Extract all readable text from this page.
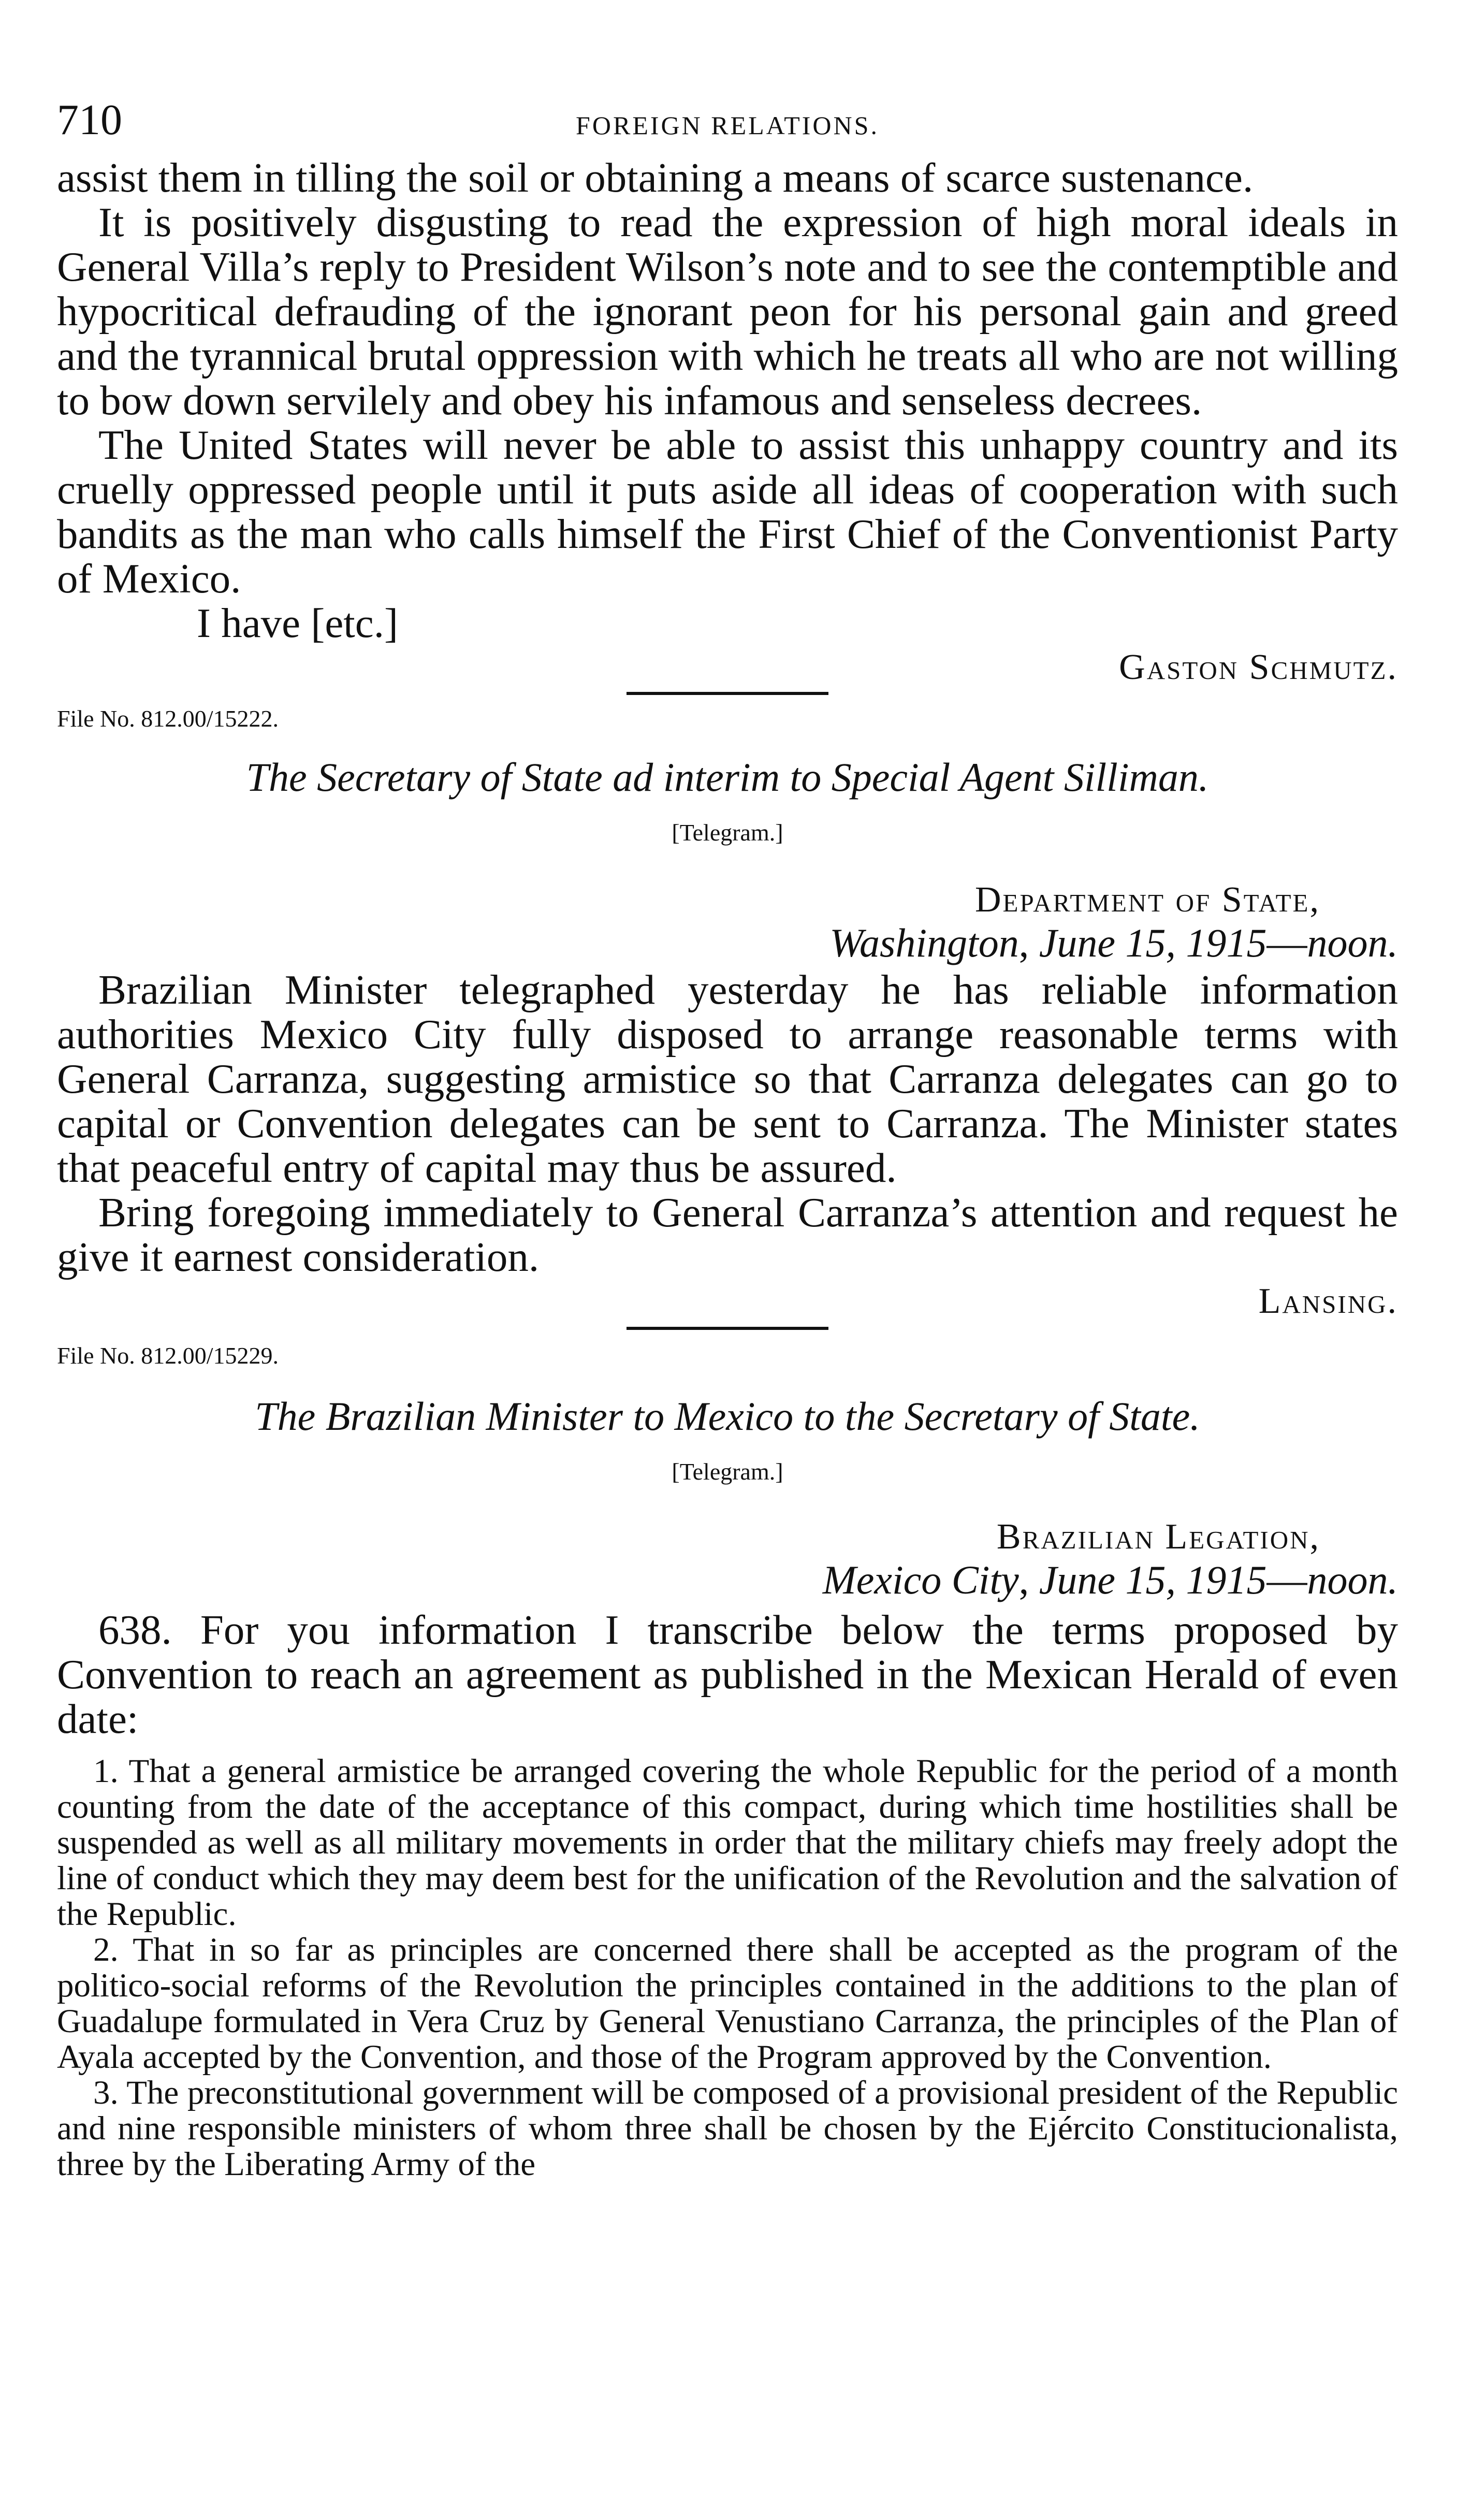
710	FOREIGN RELATIONS.

assist them in tilling the soil or obtaining a means of scarce sustenance.

It is positively disgusting to read the expression of high moral ideals in General Villa’s reply to President Wilson’s note and to see the contemptible and hypocritical defrauding of the ignorant peon for his personal gain and greed and the tyrannical brutal oppression with which he treats all who are not willing to bow down servilely and obey his infamous and senseless decrees.

The United States will never be able to assist this unhappy country and its cruelly oppressed people until it puts aside all ideas of cooperation with such bandits as the man who calls himself the First Chief of the Conventionist Party of Mexico.

I have [etc.]

Gaston Schmutz.

File No. 812.00/15222.

The Secretary of State ad interim to Special Agent Silliman.

[Telegram.]

Department of State,

Washington, June 15, 1915—noon.

Brazilian Minister telegraphed yesterday he has reliable information authorities Mexico City fully disposed to arrange reasonable terms with General Carranza, suggesting armistice so that Carranza delegates can go to capital or Convention delegates can be sent to Carranza. The Minister states that peaceful entry of capital may thus be assured.

Bring foregoing immediately to General Carranza’s attention and request he give it earnest consideration.

Lansing.

File No. 812.00/15229.

The Brazilian Minister to Mexico to the Secretary of State.

[Telegram.]

Brazilian Legation,

Mexico City, June 15, 1915—noon.

638. For you information I transcribe below the terms proposed by Convention to reach an agreement as published in the Mexican Herald of even date:

1. That a general armistice be arranged covering the whole Republic for the period of a month counting from the date of the acceptance of this compact, during which time hostilities shall be suspended as well as all military movements in order that the military chiefs may freely adopt the line of conduct which they may deem best for the unification of the Revolution and the salvation of the Republic.

2. That in so far as principles are concerned there shall be accepted as the program of the politico-social reforms of the Revolution the principles contained in the additions to the plan of Guadalupe formulated in Vera Cruz by General Venustiano Carranza, the principles of the Plan of Ayala accepted by the Convention, and those of the Program approved by the Convention.

3. The preconstitutional government will be composed of a provisional president of the Republic and nine responsible ministers of whom three shall be chosen by the Ejército Constitucionalista, three by the Liberating Army of the
